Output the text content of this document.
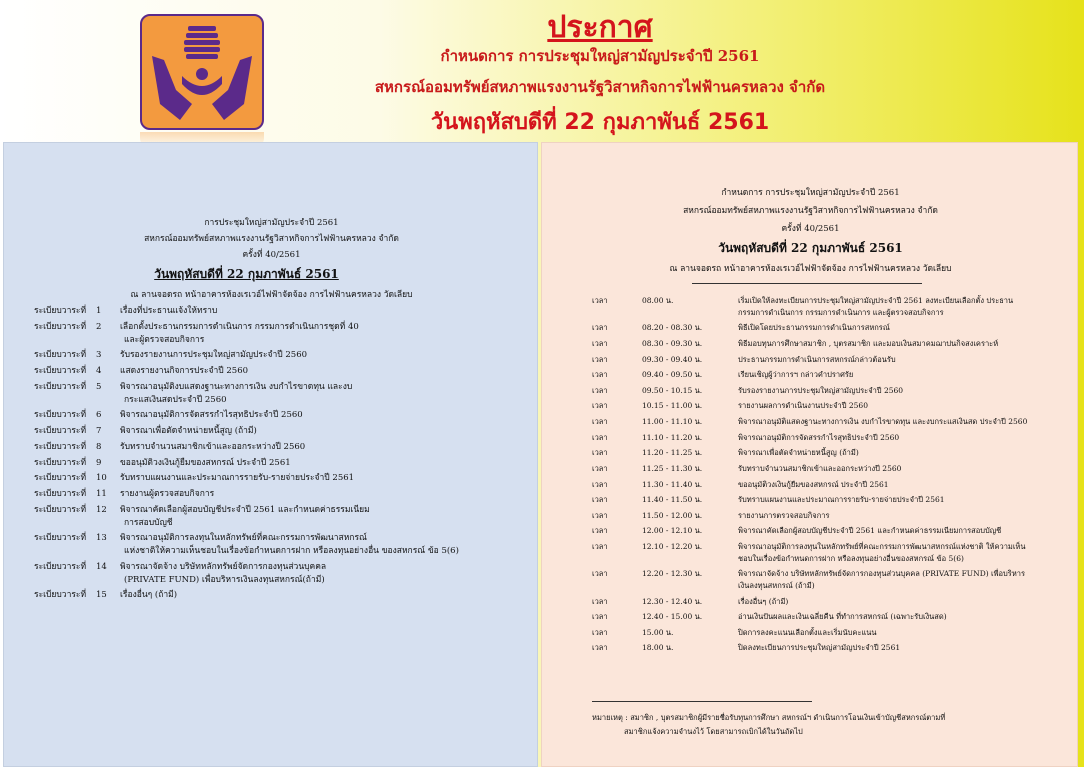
ประกาศ
กำหนดการ การประชุมใหญ่สามัญประจำปี 2561
สหกรณ์ออมทรัพย์สหภาพแรงงานรัฐวิสาหกิจการไฟฟ้านครหลวง จำกัด
วันพฤหัสบดีที่ 22 กุมภาพันธ์ 2561
การประชุมใหญ่สามัญประจำปี 2561
สหกรณ์ออมทรัพย์สหภาพแรงงานรัฐวิสาหกิจการไฟฟ้านครหลวง จำกัด
ครั้งที่ 40/2561
วันพฤหัสบดีที่ 22 กุมภาพันธ์ 2561
ณ ลานจอดรถ หน้าอาคารห้องเรเวอ์ไฟฟ้าจัดจ้อง การไฟฟ้านครหลวง วัดเลียบ
ระเบียบวาระที่	1	เรื่องที่ประธานแจ้งให้ทราบ
ระเบียบวาระที่	2	เลือกตั้งประธานกรรมการดำเนินการ กรรมการดำเนินการชุดที่ 40
และผู้ตรวจสอบกิจการ
ระเบียบวาระที่	3	รับรองรายงานการประชุมใหญ่สามัญประจำปี 2560
ระเบียบวาระที่	4	แสดงรายงานกิจการประจำปี 2560
ระเบียบวาระที่	5	พิจารณาอนุมัติงบแสดงฐานะทางการเงิน งบกำไรขาดทุน และงบ
กระแสเงินสดประจำปี 2560
ระเบียบวาระที่	6	พิจารณาอนุมัติการจัดสรรกำไรสุทธิประจำปี 2560
ระเบียบวาระที่	7	พิจารณาเพื่อตัดจำหน่ายหนี้สูญ (ถ้ามี)
ระเบียบวาระที่	8	รับทราบจำนวนสมาชิกเข้าและออกระหว่างปี 2560
ระเบียบวาระที่	9	ขออนุมัติวงเงินกู้ยืมของสหกรณ์ ประจำปี 2561
ระเบียบวาระที่	10	รับทราบแผนงานและประมาณการรายรับ-รายจ่ายประจำปี 2561
ระเบียบวาระที่	11	รายงานผู้ตรวจสอบกิจการ
ระเบียบวาระที่	12	พิจารณาคัดเลือกผู้สอบบัญชีประจำปี 2561 และกำหนดค่าธรรมเนียม
การสอบบัญชี
ระเบียบวาระที่	13	พิจารณาอนุมัติการลงทุนในหลักทรัพย์ที่คณะกรรมการพัฒนาสหกรณ์
แห่งชาติให้ความเห็นชอบในเรื่องข้อกำหนดการฝาก หรือลงทุนอย่างอื่น ของสหกรณ์ ข้อ 5(6)
ระเบียบวาระที่	14	พิจารณาจัดจ้าง บริษัทหลักทรัพย์จัดการกองทุนส่วนบุคคล
(PRIVATE FUND) เพื่อบริหารเงินลงทุนสหกรณ์(ถ้ามี)
ระเบียบวาระที่	15	เรื่องอื่นๆ (ถ้ามี)
กำหนดการ การประชุมใหญ่สามัญประจำปี 2561
สหกรณ์ออมทรัพย์สหภาพแรงงานรัฐวิสาหกิจการไฟฟ้านครหลวง จำกัด
ครั้งที่ 40/2561
วันพฤหัสบดีที่ 22 กุมภาพันธ์ 2561
ณ ลานจอดรถ หน้าอาคารห้องเรเวอ์ไฟฟ้าจัดจ้อง การไฟฟ้านครหลวง วัดเลียบ
เวลา	08.00 น.	เริ่มเปิดให้ลงทะเบียนการประชุมใหญ่สามัญประจำปี 2561 ลงทะเบียนเลือกตั้ง ประธานกรรมการดำเนินการ กรรมการดำเนินการ และผู้ตรวจสอบกิจการ
เวลา	08.20 - 08.30 น.	พิธีเปิดโดยประธานกรรมการดำเนินการสหกรณ์
เวลา	08.30 - 09.30 น.	พิธีมอบทุนการศึกษาสมาชิก , บุตรสมาชิก และมอบเงินสมาคมฌาปนกิจสงเคราะห์
เวลา	09.30 - 09.40 น.	ประธานกรรมการดำเนินการสหกรณ์กล่าวต้อนรับ
เวลา	09.40 - 09.50 น.	เรียนเชิญผู้ว่าการฯ กล่าวคำปราศรัย
เวลา	09.50 - 10.15 น.	รับรองรายงานการประชุมใหญ่สามัญประจำปี 2560
เวลา	10.15 - 11.00 น.	รายงานผลการดำเนินงานประจำปี 2560
เวลา	11.00 - 11.10 น.	พิจารณาอนุมัติแสดงฐานะทางการเงิน งบกำไรขาดทุน และงบกระแสเงินสด ประจำปี 2560
เวลา	11.10 - 11.20 น.	พิจารณาอนุมัติการจัดสรรกำไรสุทธิประจำปี 2560
เวลา	11.20 - 11.25 น.	พิจารณาเพื่อตัดจำหน่ายหนี้สูญ (ถ้ามี)
เวลา	11.25 - 11.30 น.	รับทราบจำนวนสมาชิกเข้าและออกระหว่างปี 2560
เวลา	11.30 - 11.40 น.	ขออนุมัติวงเงินกู้ยืมของสหกรณ์ ประจำปี 2561
เวลา	11.40 - 11.50 น.	รับทราบแผนงานและประมาณการรายรับ-รายจ่ายประจำปี 2561
เวลา	11.50 - 12.00 น.	รายงานการตรวจสอบกิจการ
เวลา	12.00 - 12.10 น.	พิจารณาคัดเลือกผู้สอบบัญชีประจำปี 2561 และกำหนดค่าธรรมเนียมการสอบบัญชี
เวลา	12.10 - 12.20 น.	พิจารณาอนุมัติการลงทุนในหลักทรัพย์ที่คณะกรรมการพัฒนาสหกรณ์แห่งชาติ ให้ความเห็นชอบในเรื่องข้อกำหนดการฝาก หรือลงทุนอย่างอื่นของสหกรณ์ ข้อ 5(6)
เวลา	12.20 - 12.30 น.	พิจารณาจัดจ้าง บริษัทหลักทรัพย์จัดการกองทุนส่วนบุคคล (PRIVATE FUND) เพื่อบริหารเงินลงทุนสหกรณ์ (ถ้ามี)
เวลา	12.30 - 12.40 น.	เรื่องอื่นๆ (ถ้ามี)
เวลา	12.40 - 15.00 น.	อ่านเงินปันผลและเงินเฉลี่ยคืน ที่ทำการสหกรณ์ (เฉพาะรับเงินสด)
เวลา	15.00 น.	ปิดการลงคะแนนเลือกตั้งและเริ่มนับคะแนน
เวลา	18.00 น.	ปิดลงทะเบียนการประชุมใหญ่สามัญประจำปี 2561
หมายเหตุ : สมาชิก , บุตรสมาชิกผู้มีรายชื่อรับทุนการศึกษา สหกรณ์ฯ ดำเนินการโอนเงินเข้าบัญชีสหกรณ์ตามที่
สมาชิกแจ้งความจำนงไว้ โดยสามารถเบิกได้ในวันถัดไป
